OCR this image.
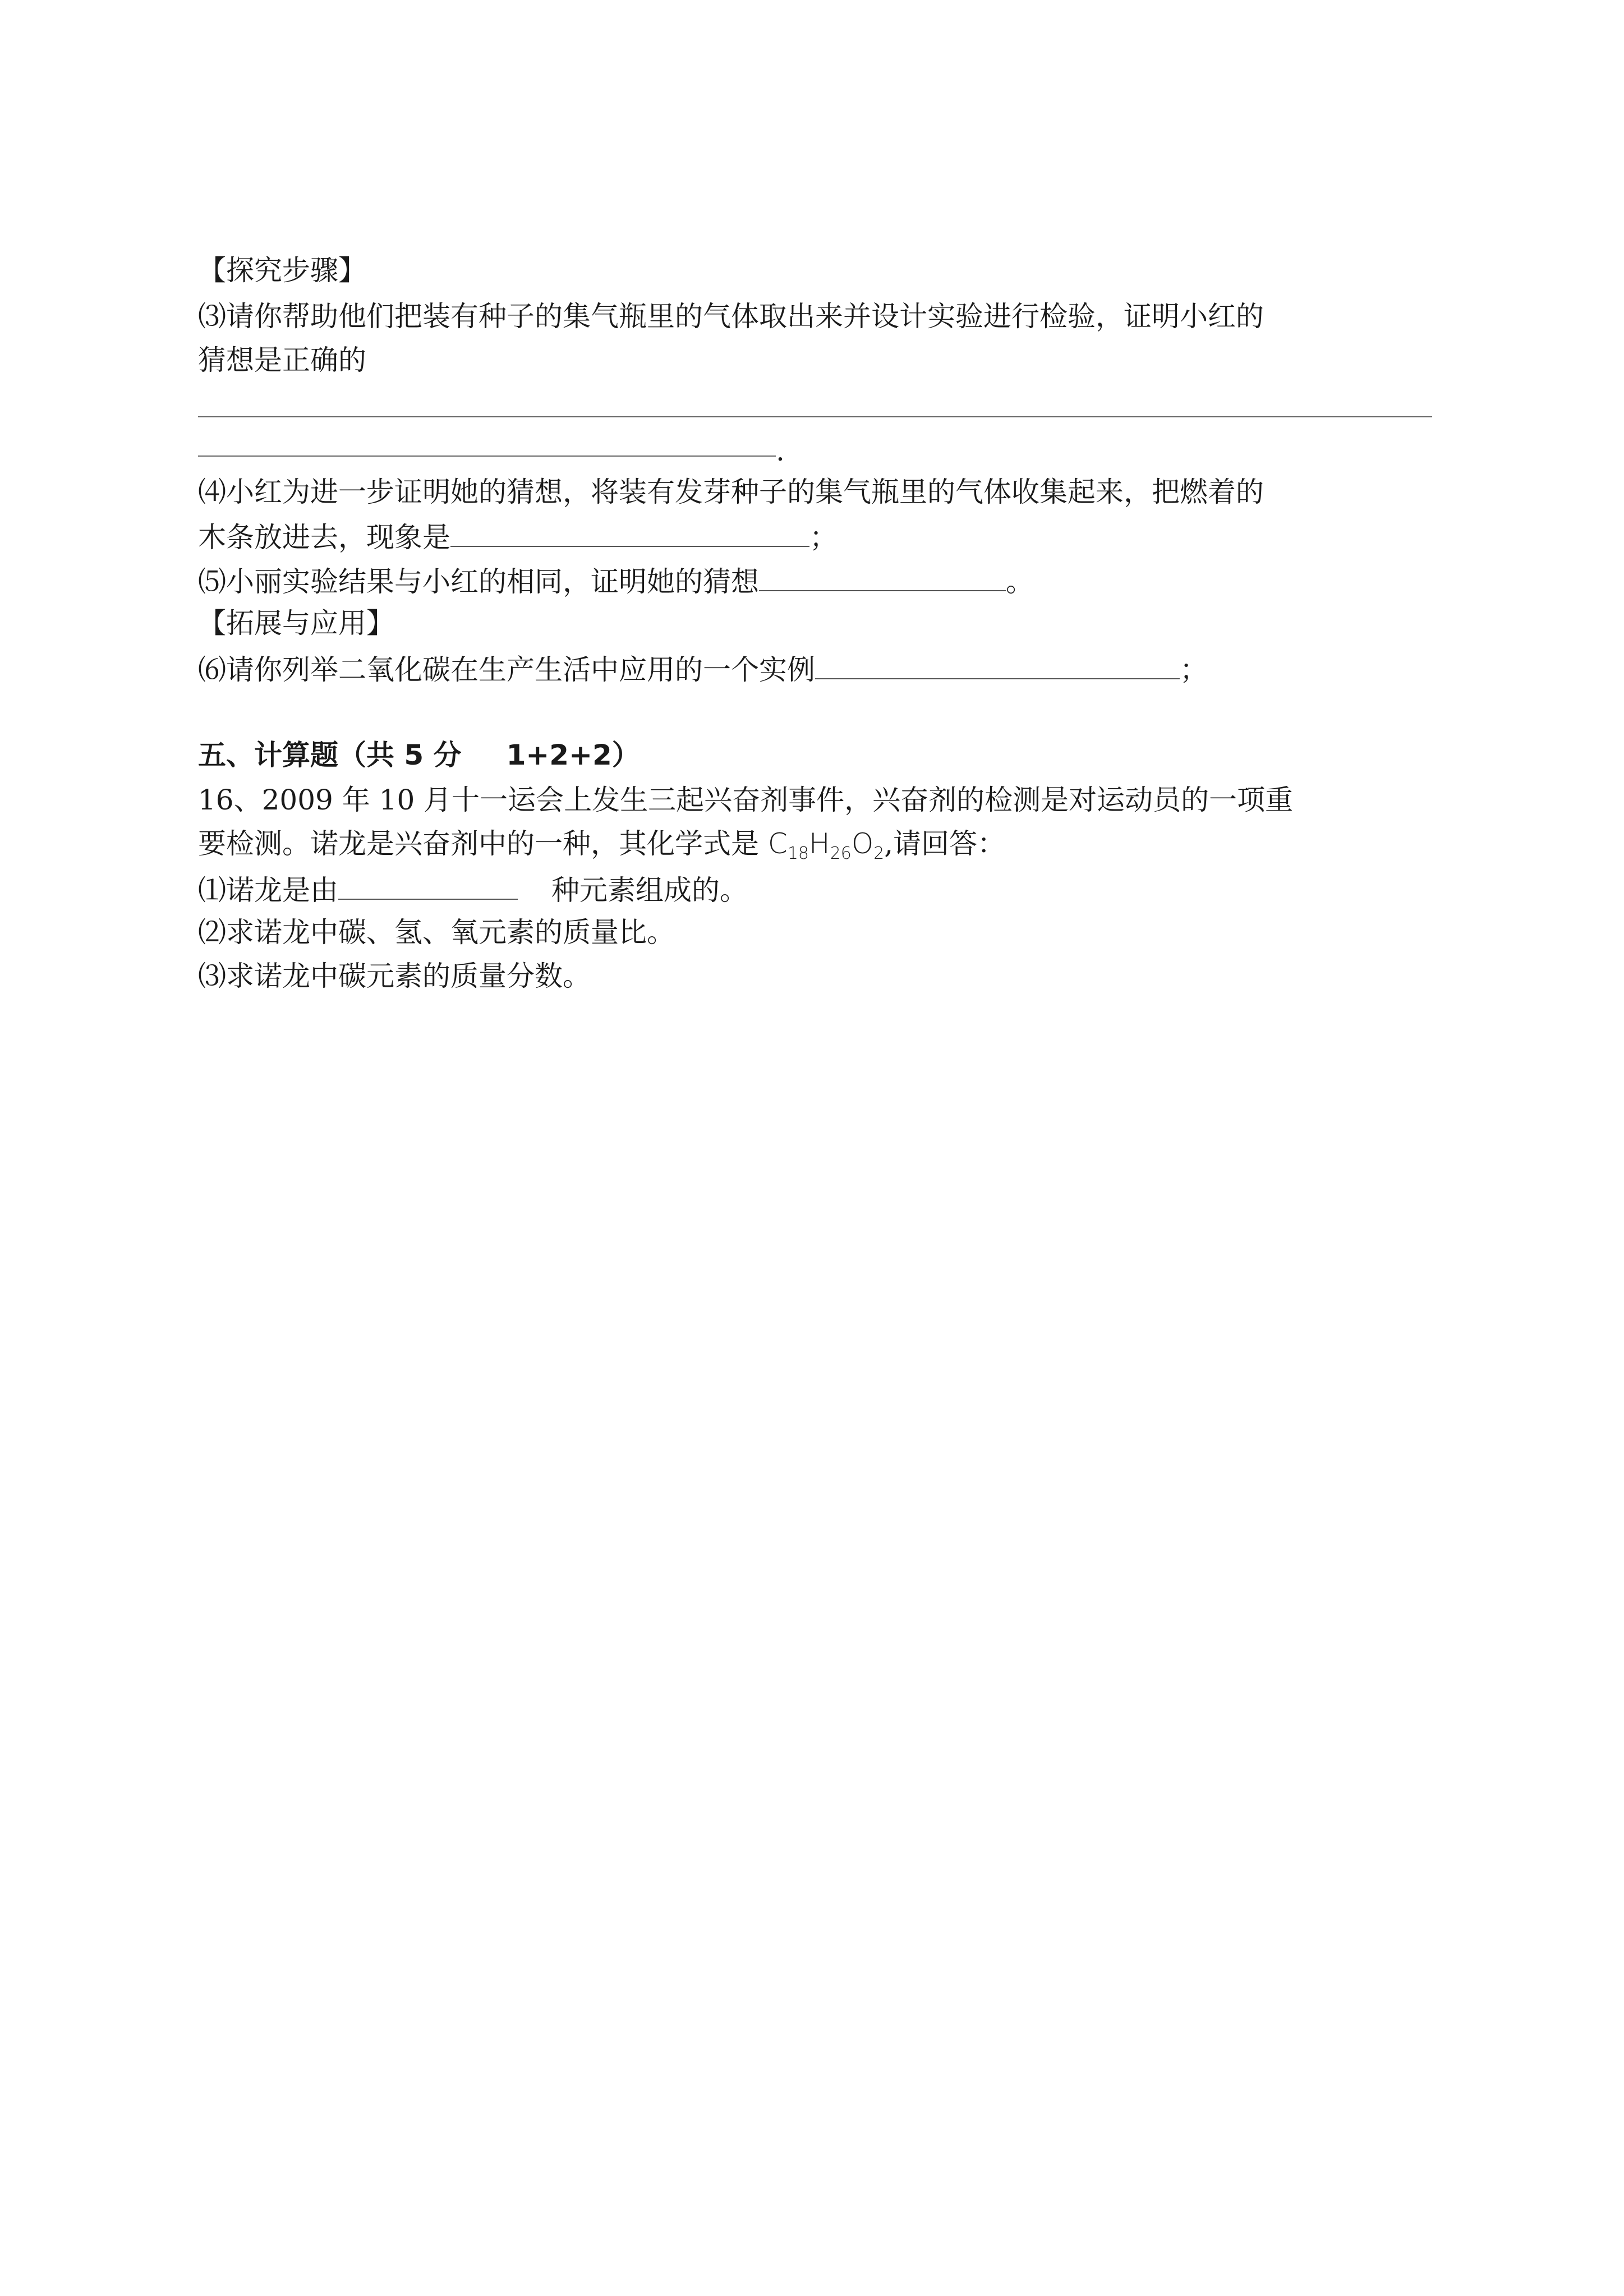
【探究步骤】
⑶请你帮助他们把装有种子的集气瓶里的气体取出来并设计实验进行检验，证明小红的
猜想是正确的
.
⑷小红为进一步证明她的猜想，将装有发芽种子的集气瓶里的气体收集起来，把燃着的
木条放进去，现象是	；
⑸小丽实验结果与小红的相同，证明她的猜想	。
【拓展与应用】
⑹请你列举二氧化碳在生产生活中应用的一个实例	；
五、计算题（共 5 分 1+2+2）
16、2009 年 10 月十一运会上发生三起兴奋剂事件，兴奋剂的检测是对运动员的一项重
要检测。诺龙是兴奋剂中的一种，其化学式是 $C_{18}H_{26}O_2$,请回答：
⑴诺龙是由	种元素组成的。
⑵求诺龙中碳、氢、氧元素的质量比。
⑶求诺龙中碳元素的质量分数。
